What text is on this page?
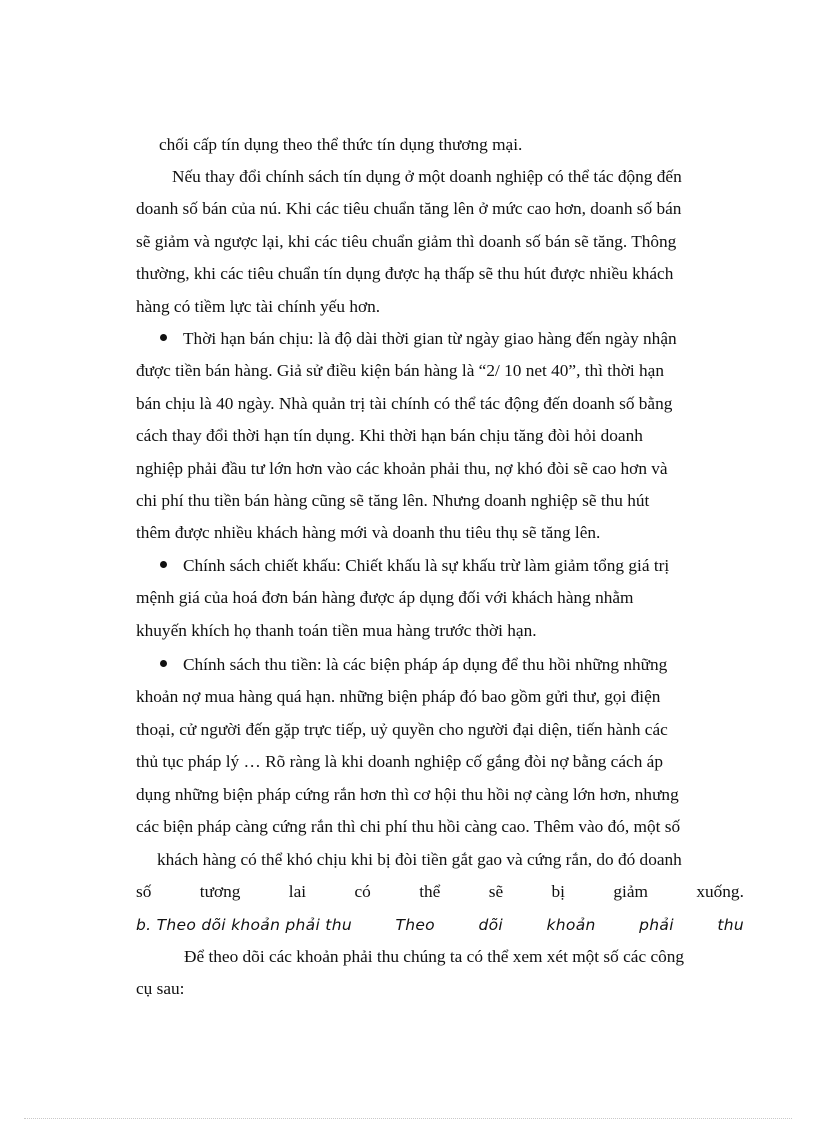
chối cấp tín dụng theo thể thức tín dụng thương mại.
Nếu thay đổi chính sách tín dụng ở một doanh nghiệp có thể tác động đến
doanh số bán của nú. Khi các tiêu chuẩn tăng lên ở mức cao hơn, doanh số bán
sẽ giảm và ngược lại, khi các tiêu chuẩn giảm thì doanh số bán sẽ tăng. Thông
thường, khi các tiêu chuẩn tín dụng được hạ thấp sẽ thu hút được nhiều khách
hàng có tiềm lực tài chính yếu hơn.
Thời hạn bán chịu: là độ dài thời gian từ ngày giao hàng đến ngày nhận
được tiền bán hàng. Giả sử điều kiện bán hàng là “2/ 10 net 40”, thì thời hạn
bán chịu là 40 ngày. Nhà quản trị tài chính có thể tác động đến doanh số bằng
cách thay đổi thời hạn tín dụng. Khi thời hạn bán chịu tăng đòi hỏi doanh
nghiệp phải đầu tư lớn hơn vào các khoản phải thu, nợ khó đòi sẽ cao hơn và
chi phí thu tiền bán hàng cũng sẽ tăng lên. Nhưng doanh nghiệp sẽ thu hút
thêm được nhiều khách hàng mới và doanh thu tiêu thụ sẽ tăng lên.
Chính sách chiết khấu: Chiết khấu là sự khấu trừ làm giảm tổng giá trị
mệnh giá của hoá đơn bán hàng được áp dụng đối với khách hàng nhằm
khuyến khích họ thanh toán tiền mua hàng trước thời hạn.
Chính sách thu tiền: là các biện pháp áp dụng để thu hồi những những
khoản nợ mua hàng quá hạn. những biện pháp đó bao gồm gửi thư, gọi điện
thoại, cử người đến gặp trực tiếp, uỷ quyền cho người đại diện, tiến hành các
thủ tục pháp lý … Rõ ràng là khi doanh nghiệp cố gắng đòi nợ bằng cách áp
dụng những biện pháp cứng rắn hơn thì cơ hội thu hồi nợ càng lớn hơn, nhưng
các biện pháp càng cứng rắn thì chi phí thu hồi càng cao. Thêm vào đó, một số
khách hàng có thể khó chịu khi bị đòi tiền gắt gao và cứng rắn, do đó doanh
số	tương	lai	có	thể	sẽ	bị	giảm	xuống.
b. Theo dõi khoản phải thu	Theo	dõi	khoản	phải	thu
Để theo dõi các khoản phải thu chúng ta có thể xem xét một số các công
cụ sau:
